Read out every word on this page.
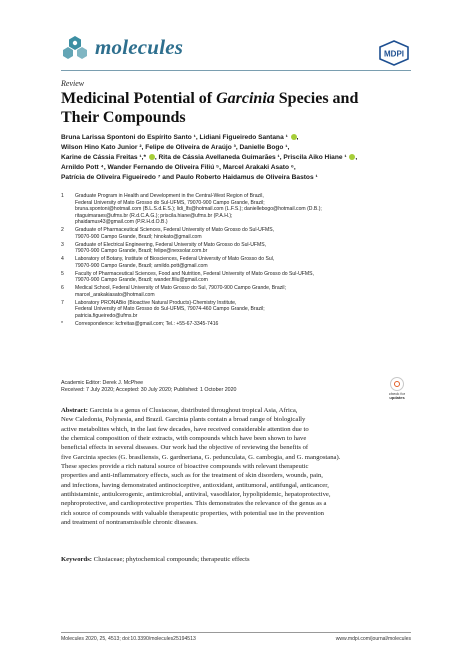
molecules	MDPI
Review
Medicinal Potential of Garcinia Species and
Their Compounds
Bruna Larissa Spontoni do Espírito Santo ¹, Lidiani Figueiredo Santana ¹ ,
Wilson Hino Kato Junior ², Felipe de Oliveira de Araújo ³, Danielle Bogo ¹,
Karine de Cássia Freitas ¹,* , Rita de Cássia Avellaneda Guimarães ¹, Priscila Aiko Hiane ¹ ,
Arnildo Pott ⁴, Wander Fernando de Oliveira Filiú ⁵, Marcel Arakaki Asato ⁶,
Patrícia de Oliveira Figueiredo ⁷ and Paulo Roberto Haidamus de Oliveira Bastos ¹
1	Graduate Program in Health and Development in the Central-West Region of Brazil,
Federal University of Mato Grosso do Sul-UFMS, 79070-900 Campo Grande, Brazil;
bruna.spontoni@hotmail.com (B.L.S.d.E.S.); lidi_lfs@hotmail.com (L.F.S.); daniellebogo@hotmail.com (D.B.);
ritaguimaraes@ufms.br (R.d.C.A.G.); priscila.hiane@ufms.br (P.A.H.);
phaidamus43@gmail.com (P.R.H.d.O.B.)
2	Graduate of Pharmaceutical Sciences, Federal University of Mato Grosso do Sul-UFMS,
79070-900 Campo Grande, Brazil; hinokato@gmail.com
3	Graduate of Electrical Engineering, Federal University of Mato Grosso do Sul-UFMS,
79070-900 Campo Grande, Brazil; felipe@nexsolar.com.br
4	Laboratory of Botany, Institute of Biosciences, Federal University of Mato Grosso do Sul,
79070-900 Campo Grande, Brazil; arnildo.pott@gmail.com
5	Faculty of Pharmaceutical Sciences, Food and Nutrition, Federal University of Mato Grosso do Sul-UFMS,
79070-900 Campo Grande, Brazil; wander.filiu@gmail.com
6	Medical School, Federal University of Mato Grosso do Sul, 79070-900 Campo Grande, Brazil;
marcel_arakakiasato@hotmail.com
7	Laboratory PRONABio (Bioactive Natural Products)-Chemistry Institute,
Federal University of Mato Grosso do Sul-UFMS, 79074-460 Campo Grande, Brazil;
patricia.figueiredo@ufms.br
*	Correspondence: kcfreitas@gmail.com; Tel.: +55-67-3345-7416
Academic Editor: Derek J. McPhee
Received: 7 July 2020; Accepted: 30 July 2020; Published: 1 October 2020
check for
updates
Abstract: Garcinia is a genus of Clusiaceae, distributed throughout tropical Asia, Africa,
New Caledonia, Polynesia, and Brazil. Garcinia plants contain a broad range of biologically
active metabolites which, in the last few decades, have received considerable attention due to
the chemical composition of their extracts, with compounds which have been shown to have
beneficial effects in several diseases. Our work had the objective of reviewing the benefits of
five Garcinia species (G. brasiliensis, G. gardneriana, G. pedunculata, G. cambogia, and G. mangostana).
These species provide a rich natural source of bioactive compounds with relevant therapeutic
properties and anti-inflammatory effects, such as for the treatment of skin disorders, wounds, pain,
and infections, having demonstrated antinociceptive, antioxidant, antitumoral, antifungal, anticancer,
antihistaminic, antiulcerogenic, antimicrobial, antiviral, vasodilator, hypolipidemic, hepatoprotective,
nephroprotective, and cardioprotective properties. This demonstrates the relevance of the genus as a
rich source of compounds with valuable therapeutic properties, with potential use in the prevention
and treatment of nontransmissible chronic diseases.
Keywords: Clusiaceae; phytochemical compounds; therapeutic effects
Molecules 2020, 25, 4513; doi:10.3390/molecules25194513	www.mdpi.com/journal/molecules
